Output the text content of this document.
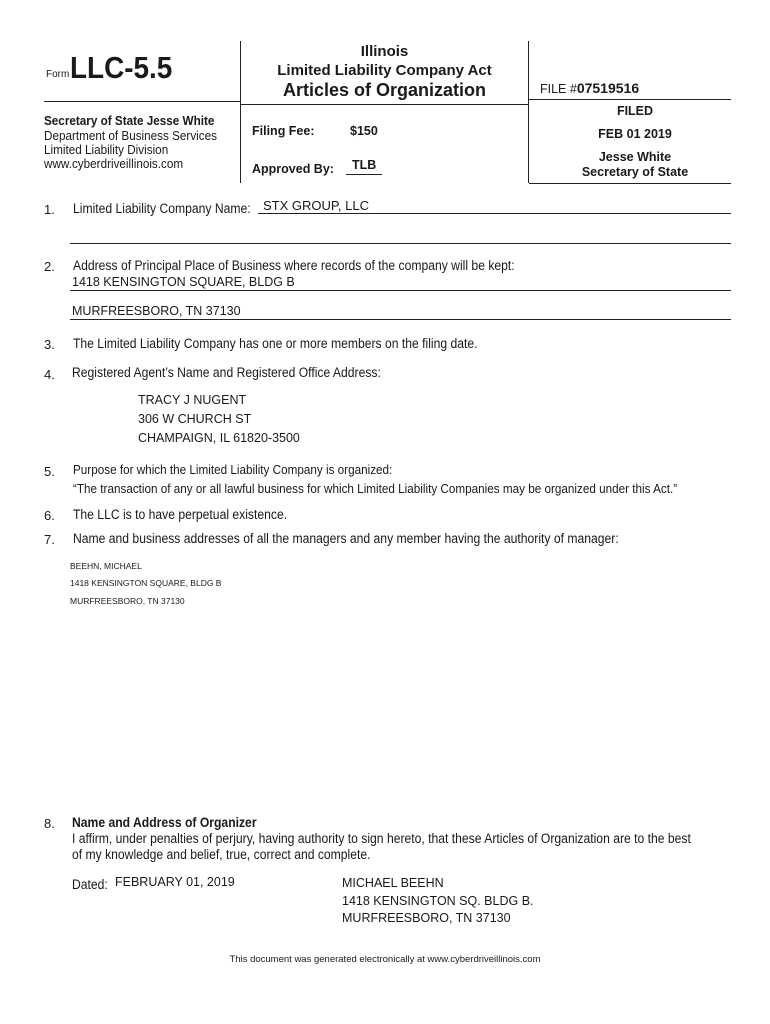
Form LLC-5.5
Secretary of State Jesse White
Department of Business Services
Limited Liability Division
www.cyberdriveillinois.com
Illinois
Limited Liability Company Act
Articles of Organization
Filing Fee:	$150
Approved By: TLB
FILE #07519516
FILED
FEB 01 2019
Jesse White
Secretary of State
1. Limited Liability Company Name: STX GROUP, LLC
2. Address of Principal Place of Business where records of the company will be kept:
1418 KENSINGTON SQUARE, BLDG B
MURFREESBORO, TN 37130
3. The Limited Liability Company has one or more members on the filing date.
4. Registered Agent’s Name and Registered Office Address:
TRACY J NUGENT
306 W CHURCH ST
CHAMPAIGN, IL 61820-3500
5. Purpose for which the Limited Liability Company is organized:
“The transaction of any or all lawful business for which Limited Liability Companies may be organized under this Act.”
6. The LLC is to have perpetual existence.
7. Name and business addresses of all the managers and any member having the authority of manager:
BEEHN, MICHAEL
1418 KENSINGTON SQUARE, BLDG B
MURFREESBORO, TN 37130
8. Name and Address of Organizer
I affirm, under penalties of perjury, having authority to sign hereto, that these Articles of Organization are to the best
of my knowledge and belief, true, correct and complete.
Dated: FEBRUARY 01, 2019	MICHAEL BEEHN
1418 KENSINGTON SQ. BLDG B.
MURFREESBORO, TN 37130
This document was generated electronically at www.cyberdriveillinois.com
